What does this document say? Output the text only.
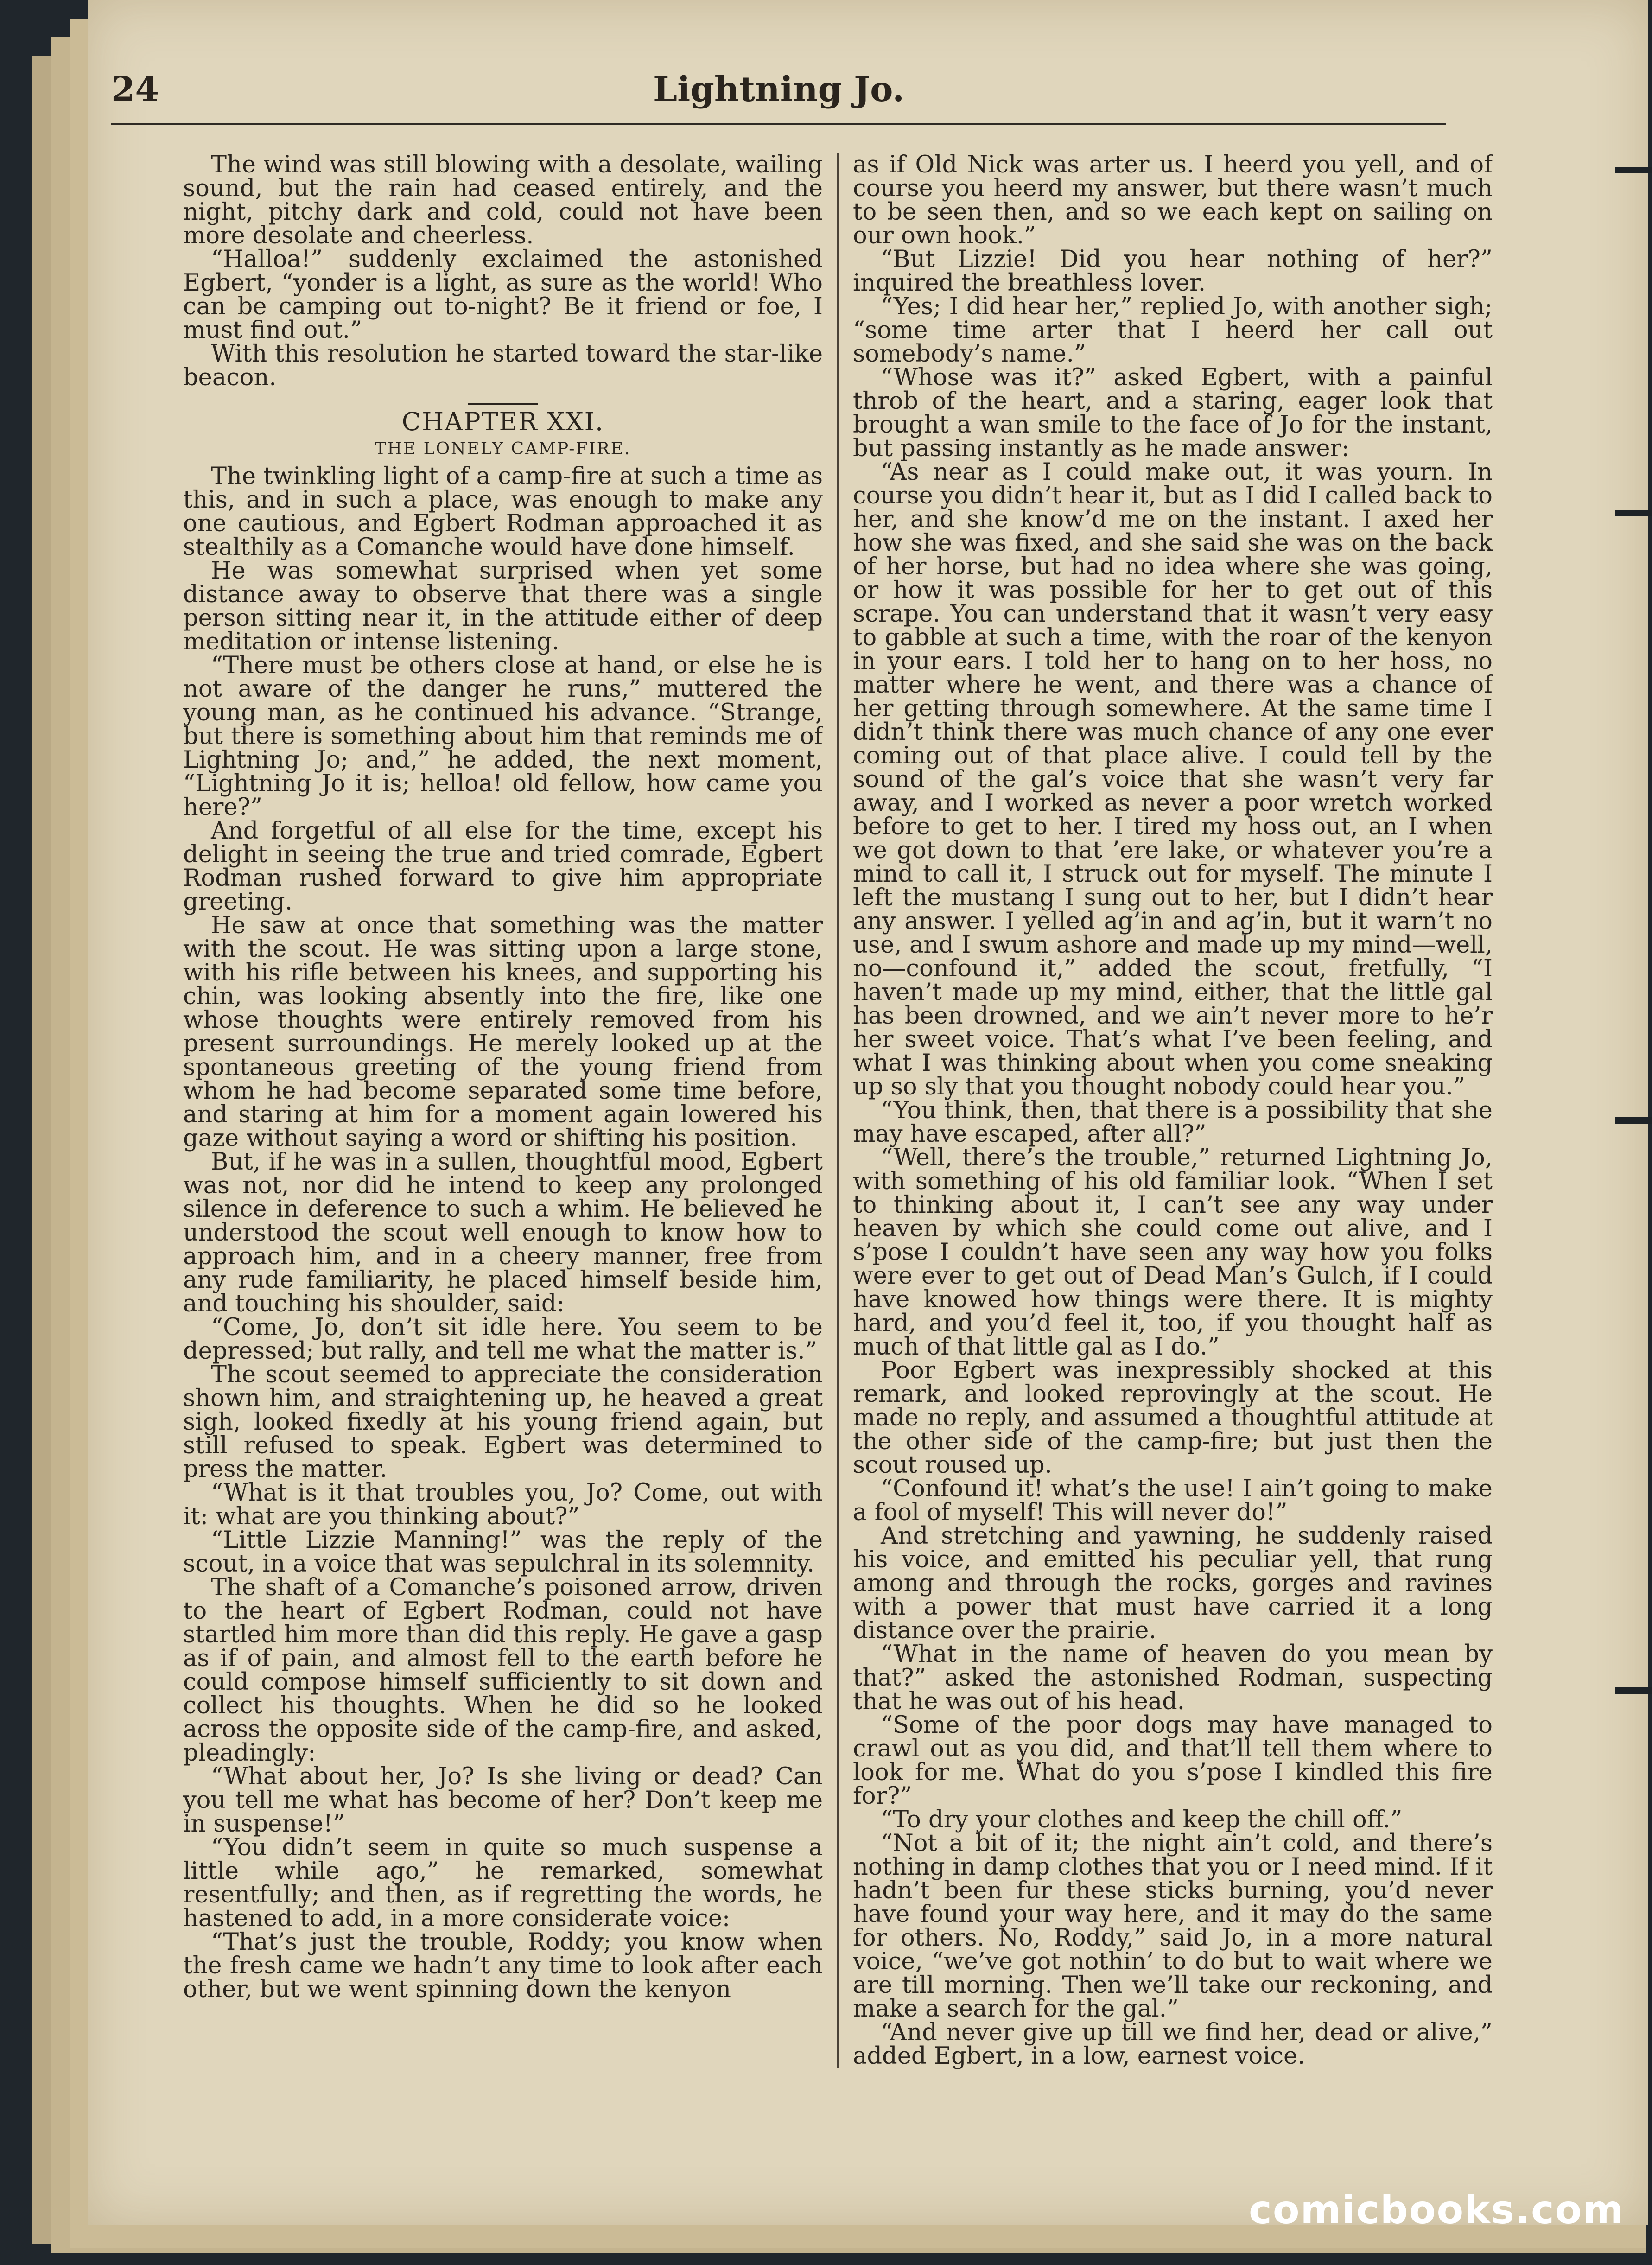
24	Lightning Jo.

The wind was still blowing with a desolate, wailing sound, but the rain had ceased entirely, and the night, pitchy dark and cold, could not have been more desolate and cheerless.

“Halloa!” suddenly exclaimed the astonished Egbert, “yonder is a light, as sure as the world! Who can be camping out to-night? Be it friend or foe, I must find out.”

With this resolution he started toward the star-like beacon.

CHAPTER XXI.
THE LONELY CAMP-FIRE.

The twinkling light of a camp-fire at such a time as this, and in such a place, was enough to make any one cautious, and Egbert Rodman approached it as stealthily as a Comanche would have done himself.

He was somewhat surprised when yet some distance away to observe that there was a single person sitting near it, in the attitude either of deep meditation or intense listening.

“There must be others close at hand, or else he is not aware of the danger he runs,” muttered the young man, as he continued his advance. “Strange, but there is something about him that reminds me of Lightning Jo; and,” he added, the next moment, “Lightning Jo it is; helloa! old fellow, how came you here?”

And forgetful of all else for the time, except his delight in seeing the true and tried comrade, Egbert Rodman rushed forward to give him appropriate greeting.

He saw at once that something was the matter with the scout. He was sitting upon a large stone, with his rifle between his knees, and supporting his chin, was looking absently into the fire, like one whose thoughts were entirely removed from his present surroundings. He merely looked up at the spontaneous greeting of the young friend from whom he had become separated some time before, and staring at him for a moment again lowered his gaze without saying a word or shifting his position.

But, if he was in a sullen, thoughtful mood, Egbert was not, nor did he intend to keep any prolonged silence in deference to such a whim. He believed he understood the scout well enough to know how to approach him, and in a cheery manner, free from any rude familiarity, he placed himself beside him, and touching his shoulder, said:

“Come, Jo, don’t sit idle here. You seem to be depressed; but rally, and tell me what the matter is.”

The scout seemed to appreciate the consideration shown him, and straightening up, he heaved a great sigh, looked fixedly at his young friend again, but still refused to speak. Egbert was determined to press the matter.

“What is it that troubles you, Jo? Come, out with it: what are you thinking about?”

“Little Lizzie Manning!” was the reply of the scout, in a voice that was sepulchral in its solemnity.

The shaft of a Comanche’s poisoned arrow, driven to the heart of Egbert Rodman, could not have startled him more than did this reply. He gave a gasp as if of pain, and almost fell to the earth before he could compose himself sufficiently to sit down and collect his thoughts. When he did so he looked across the opposite side of the camp-fire, and asked, pleadingly:

“What about her, Jo? Is she living or dead? Can you tell me what has become of her? Don’t keep me in suspense!”

“You didn’t seem in quite so much suspense a little while ago,” he remarked, somewhat resentfully; and then, as if regretting the words, he hastened to add, in a more considerate voice:

“That’s just the trouble, Roddy; you know when the fresh came we hadn’t any time to look after each other, but we went spinning down the kenyon

as if Old Nick was arter us. I heerd you yell, and of course you heerd my answer, but there wasn’t much to be seen then, and so we each kept on sailing on our own hook.”

“But Lizzie! Did you hear nothing of her?” inquired the breathless lover.

“Yes; I did hear her,” replied Jo, with another sigh; “some time arter that I heerd her call out somebody’s name.”

“Whose was it?” asked Egbert, with a painful throb of the heart, and a staring, eager look that brought a wan smile to the face of Jo for the instant, but passing instantly as he made answer:

“As near as I could make out, it was yourn. In course you didn’t hear it, but as I did I called back to her, and she know’d me on the instant. I axed her how she was fixed, and she said she was on the back of her horse, but had no idea where she was going, or how it was possible for her to get out of this scrape. You can understand that it wasn’t very easy to gabble at such a time, with the roar of the kenyon in your ears. I told her to hang on to her hoss, no matter where he went, and there was a chance of her getting through somewhere. At the same time I didn’t think there was much chance of any one ever coming out of that place alive. I could tell by the sound of the gal’s voice that she wasn’t very far away, and I worked as never a poor wretch worked before to get to her. I tired my hoss out, an I when we got down to that ’ere lake, or whatever you’re a mind to call it, I struck out for myself. The minute I left the mustang I sung out to her, but I didn’t hear any answer. I yelled ag’in and ag’in, but it warn’t no use, and I swum ashore and made up my mind—well, no—confound it,” added the scout, fretfully, “I haven’t made up my mind, either, that the little gal has been drowned, and we ain’t never more to he’r her sweet voice. That’s what I’ve been feeling, and what I was thinking about when you come sneaking up so sly that you thought nobody could hear you.”

“You think, then, that there is a possibility that she may have escaped, after all?”

“Well, there’s the trouble,” returned Lightning Jo, with something of his old familiar look. “When I set to thinking about it, I can’t see any way under heaven by which she could come out alive, and I s’pose I couldn’t have seen any way how you folks were ever to get out of Dead Man’s Gulch, if I could have knowed how things were there. It is mighty hard, and you’d feel it, too, if you thought half as much of that little gal as I do.”

Poor Egbert was inexpressibly shocked at this remark, and looked reprovingly at the scout. He made no reply, and assumed a thoughtful attitude at the other side of the camp-fire; but just then the scout roused up.

“Confound it! what’s the use! I ain’t going to make a fool of myself! This will never do!”

And stretching and yawning, he suddenly raised his voice, and emitted his peculiar yell, that rung among and through the rocks, gorges and ravines with a power that must have carried it a long distance over the prairie.

“What in the name of heaven do you mean by that?” asked the astonished Rodman, suspecting that he was out of his head.

“Some of the poor dogs may have managed to crawl out as you did, and that’ll tell them where to look for me. What do you s’pose I kindled this fire for?”

“To dry your clothes and keep the chill off.”

“Not a bit of it; the night ain’t cold, and there’s nothing in damp clothes that you or I need mind. If it hadn’t been fur these sticks burning, you’d never have found your way here, and it may do the same for others. No, Roddy,” said Jo, in a more natural voice, “we’ve got nothin’ to do but to wait where we are till morning. Then we’ll take our reckoning, and make a search for the gal.”

“And never give up till we find her, dead or alive,” added Egbert, in a low, earnest voice.

comicbooks.com
